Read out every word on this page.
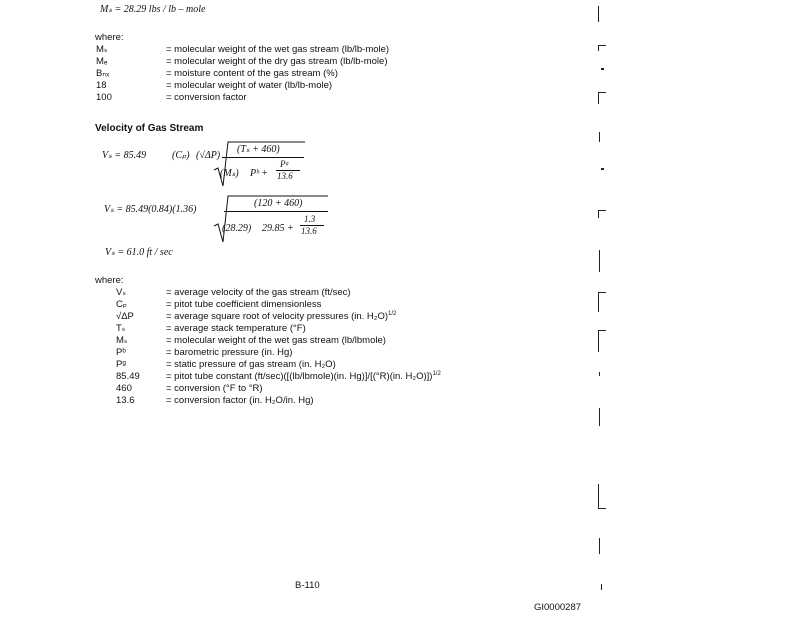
Mₛ = 28.29 lbs / lb – mole
where:
Mₛ	= molecular weight of the wet gas stream (lb/lb-mole)
Mₑ	= molecular weight of the dry gas stream (lb/lb-mole)
Bₙₓ	= moisture content of the gas stream (%)
18	= molecular weight of water (lb/lb-mole)
100	= conversion factor
Velocity of Gas Stream
Vₛ = 85.49	(Cₚ) (√ΔP)
(Tₛ + 460)
(Mₛ) Pᵇ +
Pᵍ
13.6
Vₛ = 85.49(0.84)(1.36)
(120 + 460)
(28.29) 29.85 +
1.3
13.6
Vₛ = 61.0 ft / sec
where:
Vₛ	= average velocity of the gas stream (ft/sec)
Cₚ	= pitot tube coefficient dimensionless
√ΔP	= average square root of velocity pressures (in. H₂O)$^{1/2}$
Tₛ	= average stack temperature (°F)
Mₛ	= molecular weight of the wet gas stream (lb/lbmole)
Pᵇ	= barometric pressure (in. Hg)
Pᵍ	= static pressure of gas stream (in. H₂O)
85.49	= pitot tube constant (ft/sec)([(lb/lbmole)(in. Hg)]/[(°R)(in. H₂O)])$^{1/2}$
460	= conversion (°F to °R)
13.6	= conversion factor (in. H₂O/in. Hg)
B-110
GI0000287
